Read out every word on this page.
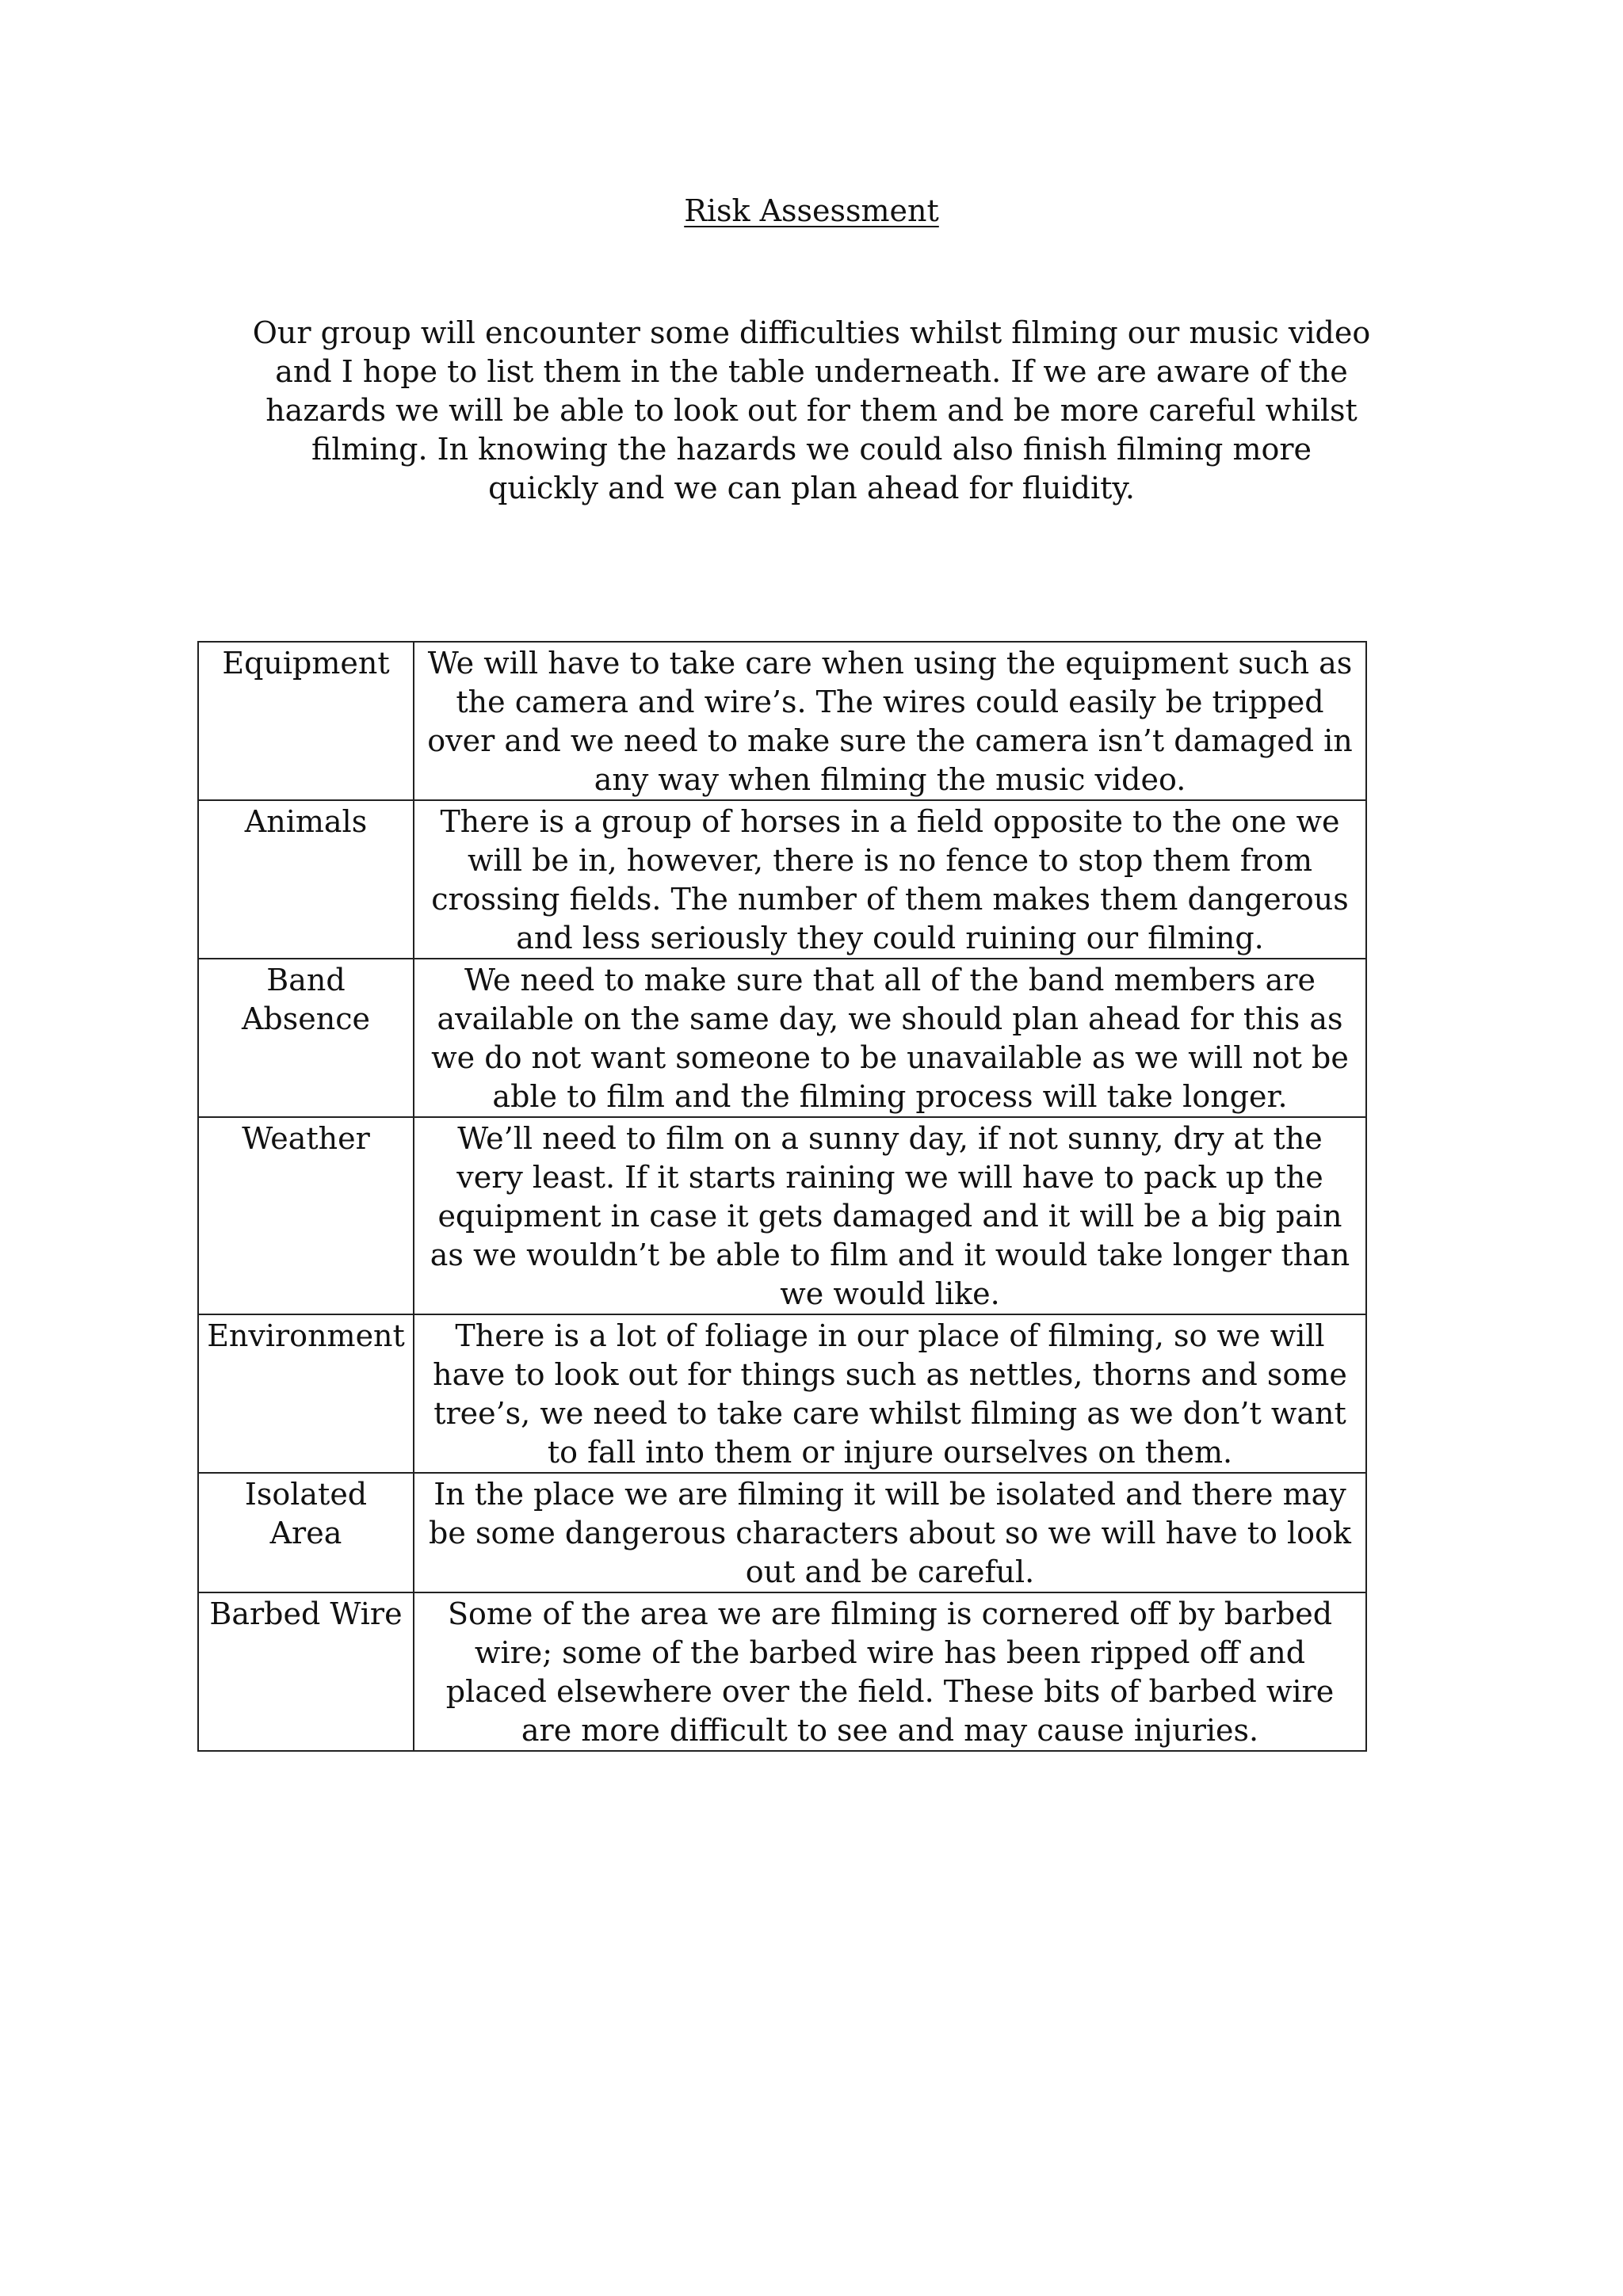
Risk Assessment

Our group will encounter some difficulties whilst filming our music video and I hope to list them in the table underneath. If we are aware of the hazards we will be able to look out for them and be more careful whilst filming. In knowing the hazards we could also finish filming more quickly and we can plan ahead for fluidity.

Equipment	We will have to take care when using the equipment such as the camera and wire’s. The wires could easily be tripped over and we need to make sure the camera isn’t damaged in any way when filming the music video.
Animals	There is a group of horses in a field opposite to the one we will be in, however, there is no fence to stop them from crossing fields. The number of them makes them dangerous and less seriously they could ruining our filming.
Band Absence	We need to make sure that all of the band members are available on the same day, we should plan ahead for this as we do not want someone to be unavailable as we will not be able to film and the filming process will take longer.
Weather	We’ll need to film on a sunny day, if not sunny, dry at the very least. If it starts raining we will have to pack up the equipment in case it gets damaged and it will be a big pain as we wouldn’t be able to film and it would take longer than we would like.
Environment	There is a lot of foliage in our place of filming, so we will have to look out for things such as nettles, thorns and some tree’s, we need to take care whilst filming as we don’t want to fall into them or injure ourselves on them.
Isolated Area	In the place we are filming it will be isolated and there may be some dangerous characters about so we will have to look out and be careful.
Barbed Wire	Some of the area we are filming is cornered off by barbed wire; some of the barbed wire has been ripped off and placed elsewhere over the field. These bits of barbed wire are more difficult to see and may cause injuries.
